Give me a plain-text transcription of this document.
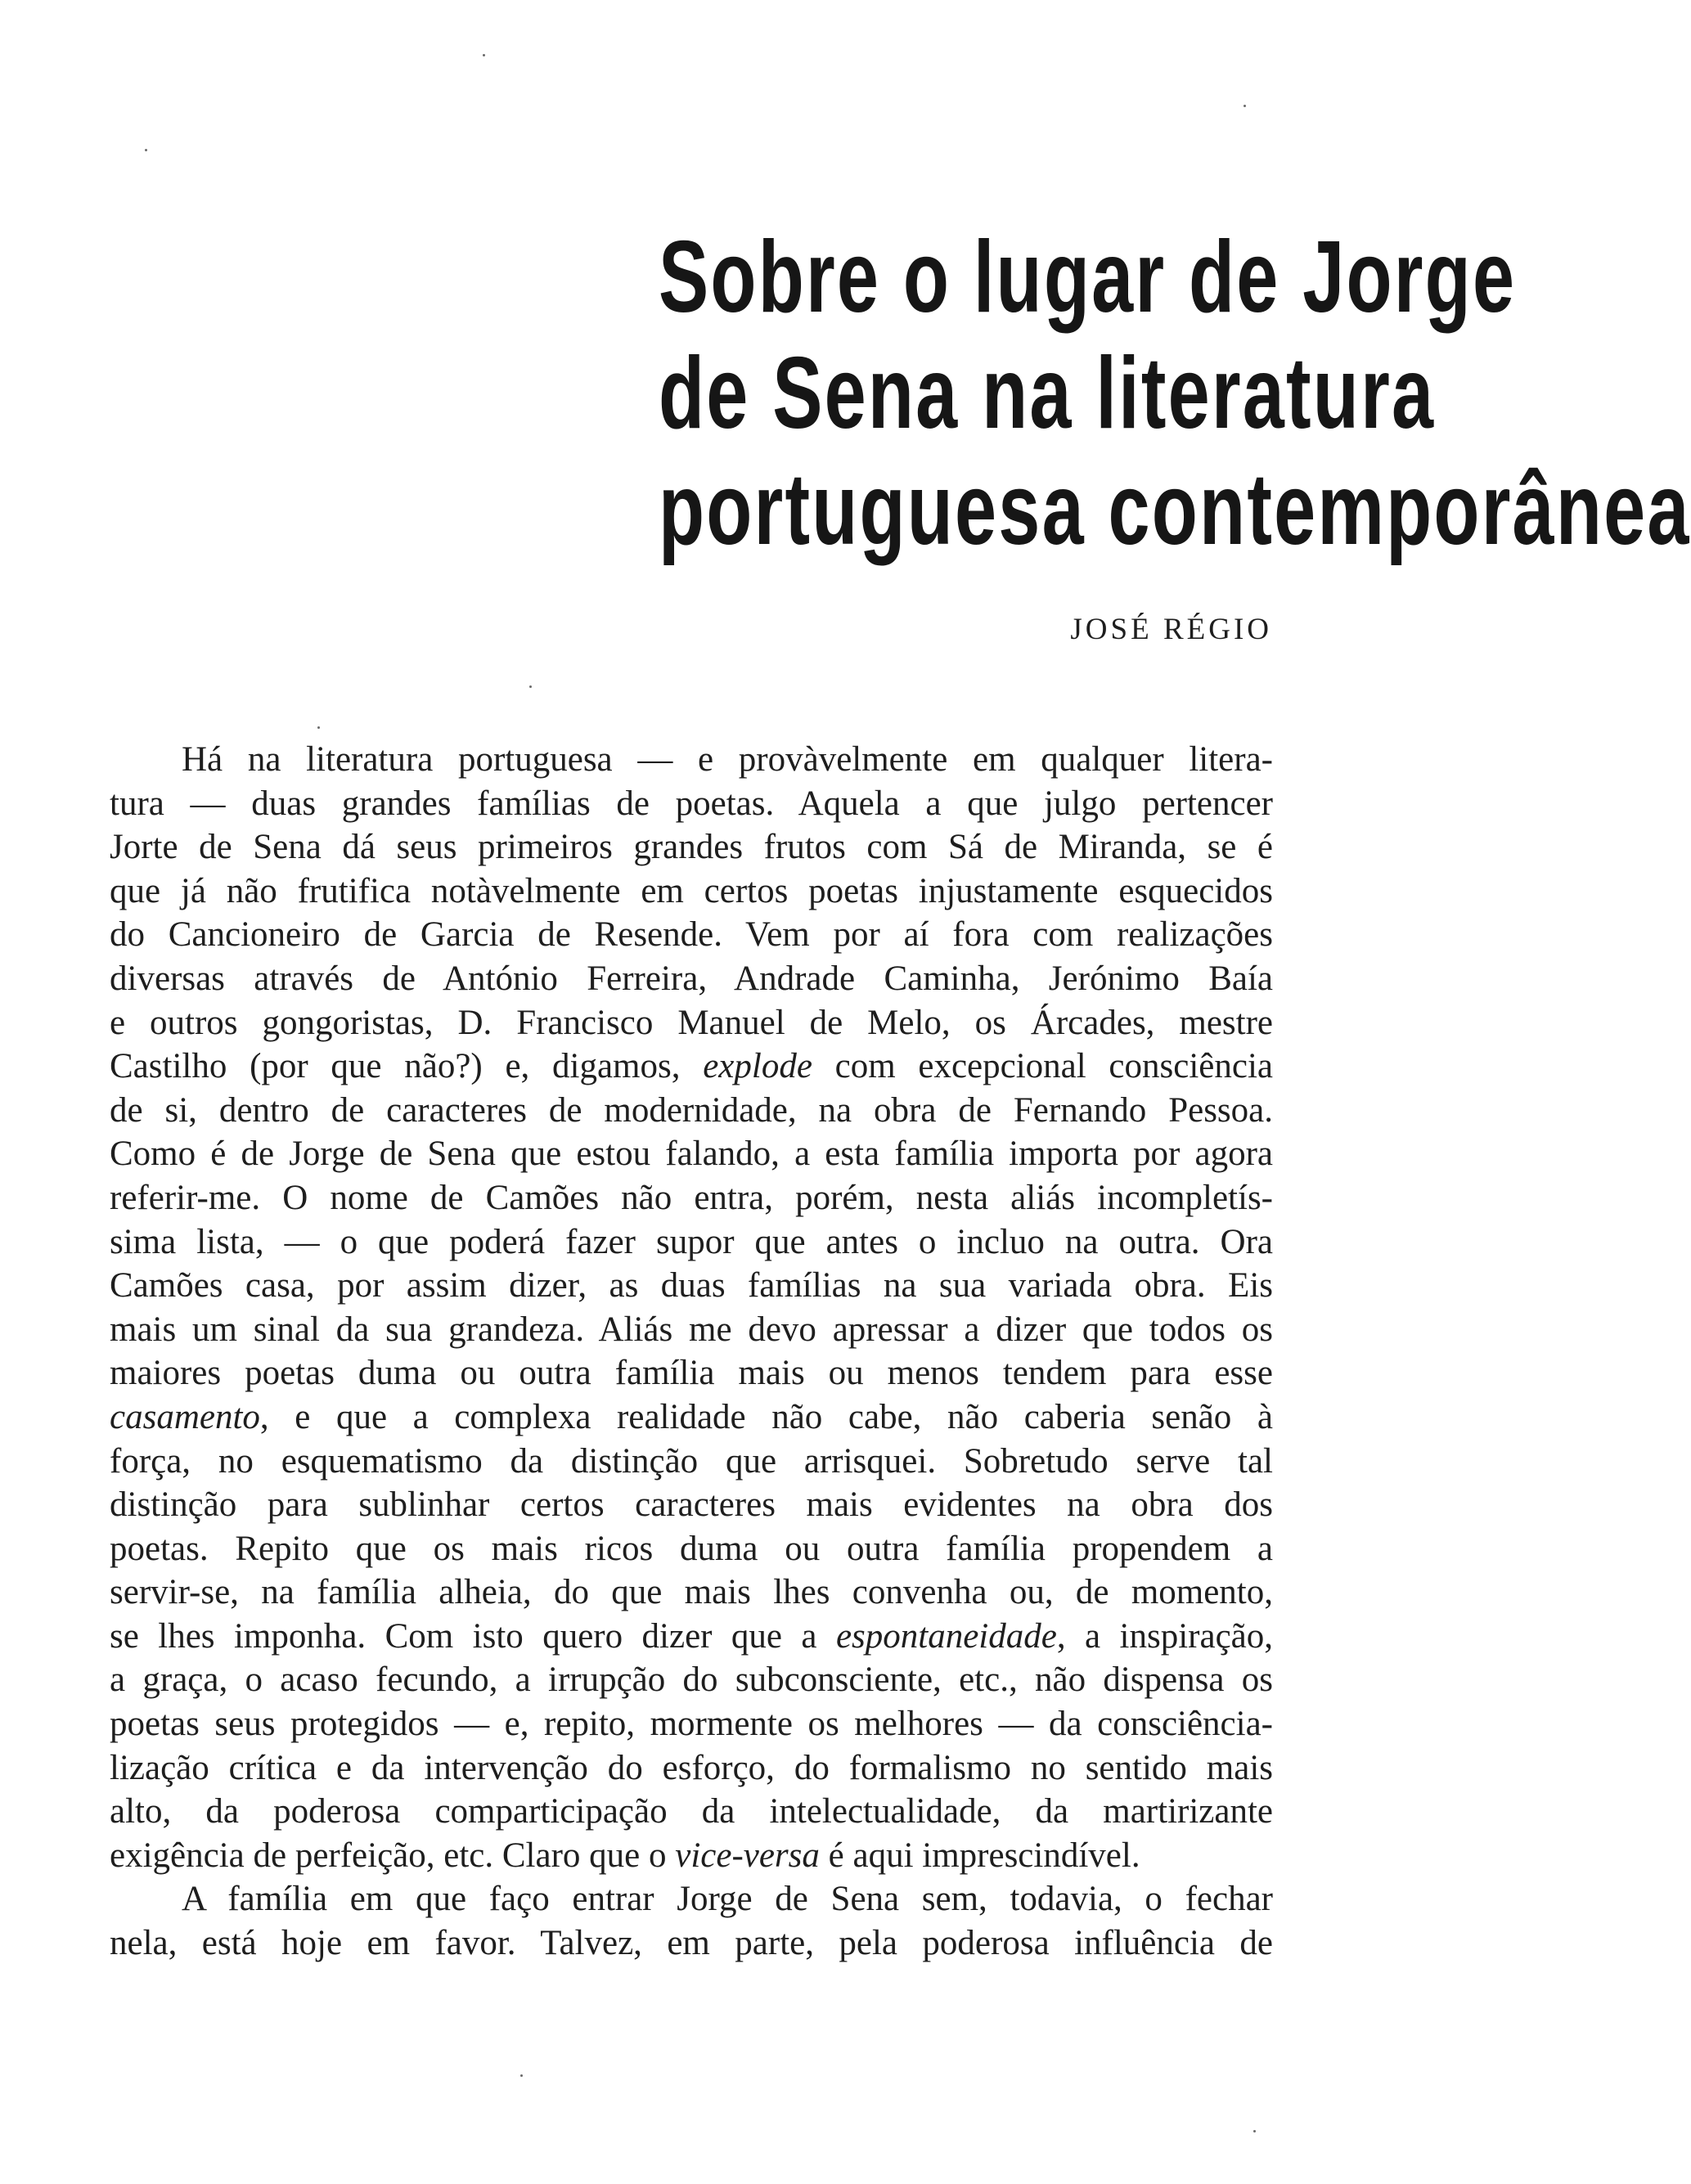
Sobre o lugar de Jorge
de Sena na literatura
portuguesa contemporânea
JOSÉ RÉGIO
Há na literatura portuguesa — e provàvelmente em qualquer litera-
tura — duas grandes famílias de poetas. Aquela a que julgo pertencer
Jorte de Sena dá seus primeiros grandes frutos com Sá de Miranda, se é
que já não frutifica notàvelmente em certos poetas injustamente esquecidos
do Cancioneiro de Garcia de Resende. Vem por aí fora com realizações
diversas através de António Ferreira, Andrade Caminha, Jerónimo Baía
e outros gongoristas, D. Francisco Manuel de Melo, os Árcades, mestre
Castilho (por que não?) e, digamos, explode com excepcional consciência
de si, dentro de caracteres de modernidade, na obra de Fernando Pessoa.
Como é de Jorge de Sena que estou falando, a esta família importa por agora
referir-me. O nome de Camões não entra, porém, nesta aliás incompletís-
sima lista, — o que poderá fazer supor que antes o incluo na outra. Ora
Camões casa, por assim dizer, as duas famílias na sua variada obra. Eis
mais um sinal da sua grandeza. Aliás me devo apressar a dizer que todos os
maiores poetas duma ou outra família mais ou menos tendem para esse
casamento, e que a complexa realidade não cabe, não caberia senão à
força, no esquematismo da distinção que arrisquei. Sobretudo serve tal
distinção para sublinhar certos caracteres mais evidentes na obra dos
poetas. Repito que os mais ricos duma ou outra família propendem a
servir-se, na família alheia, do que mais lhes convenha ou, de momento,
se lhes imponha. Com isto quero dizer que a espontaneidade, a inspiração,
a graça, o acaso fecundo, a irrupção do subconsciente, etc., não dispensa os
poetas seus protegidos — e, repito, mormente os melhores — da consciência-
lização crítica e da intervenção do esforço, do formalismo no sentido mais
alto, da poderosa comparticipação da intelectualidade, da martirizante
exigência de perfeição, etc. Claro que o vice-versa é aqui imprescindível.
A família em que faço entrar Jorge de Sena sem, todavia, o fechar
nela, está hoje em favor. Talvez, em parte, pela poderosa influência de
